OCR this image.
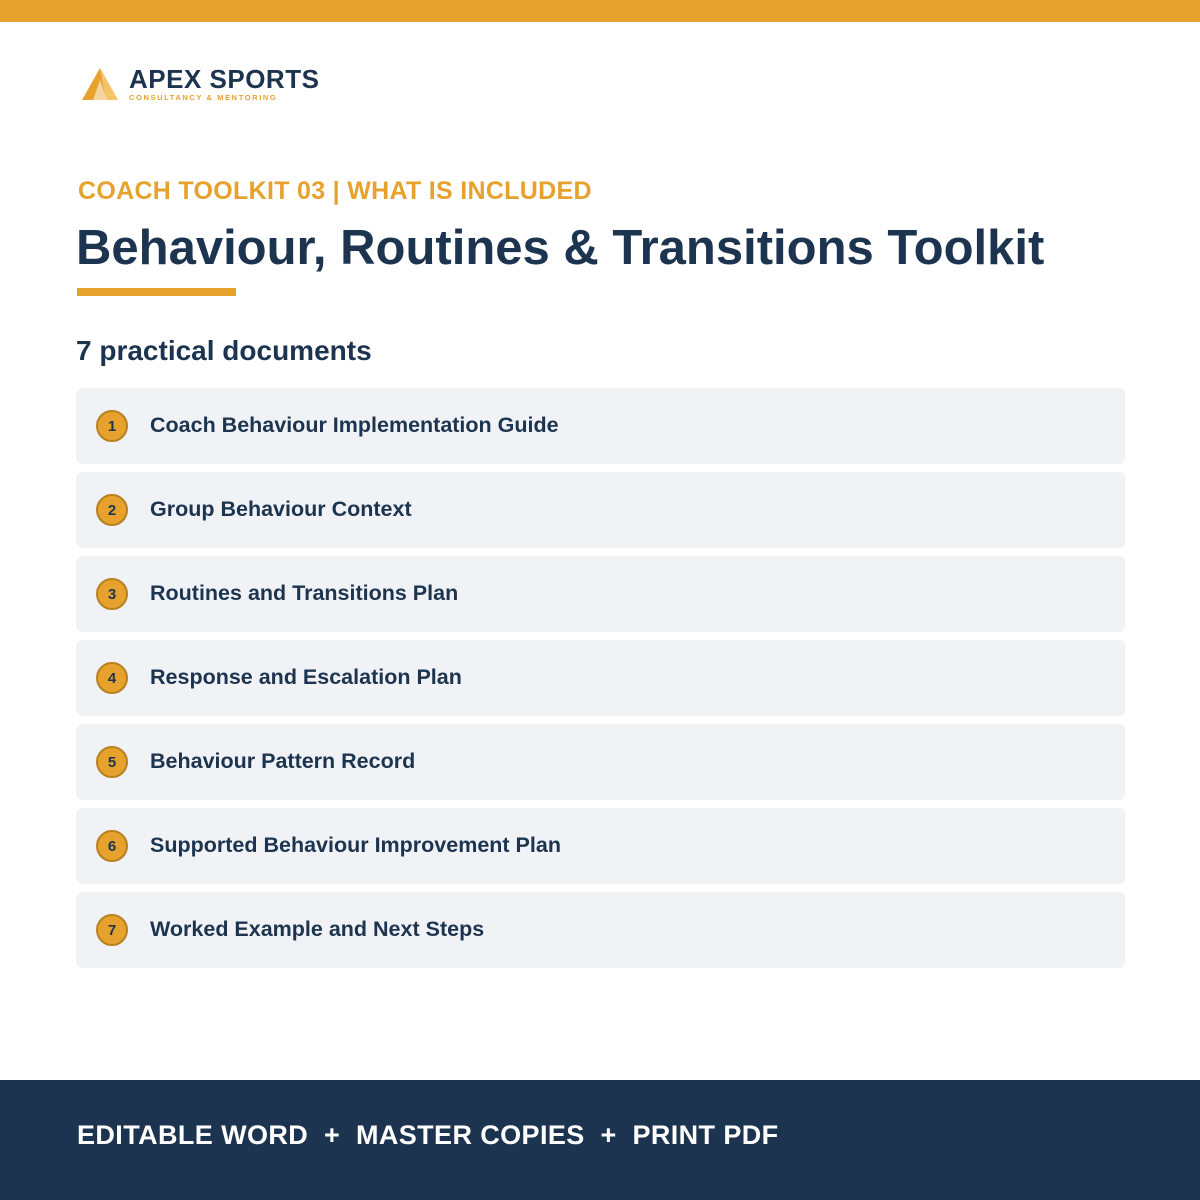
APEX SPORTS
CONSULTANCY & MENTORING
COACH TOOLKIT 03 | WHAT IS INCLUDED
Behaviour, Routines & Transitions Toolkit
7 practical documents
1	Coach Behaviour Implementation Guide
2	Group Behaviour Context
3	Routines and Transitions Plan
4	Response and Escalation Plan
5	Behaviour Pattern Record
6	Supported Behaviour Improvement Plan
7	Worked Example and Next Steps
EDITABLE WORD  +  MASTER COPIES  +  PRINT PDF
